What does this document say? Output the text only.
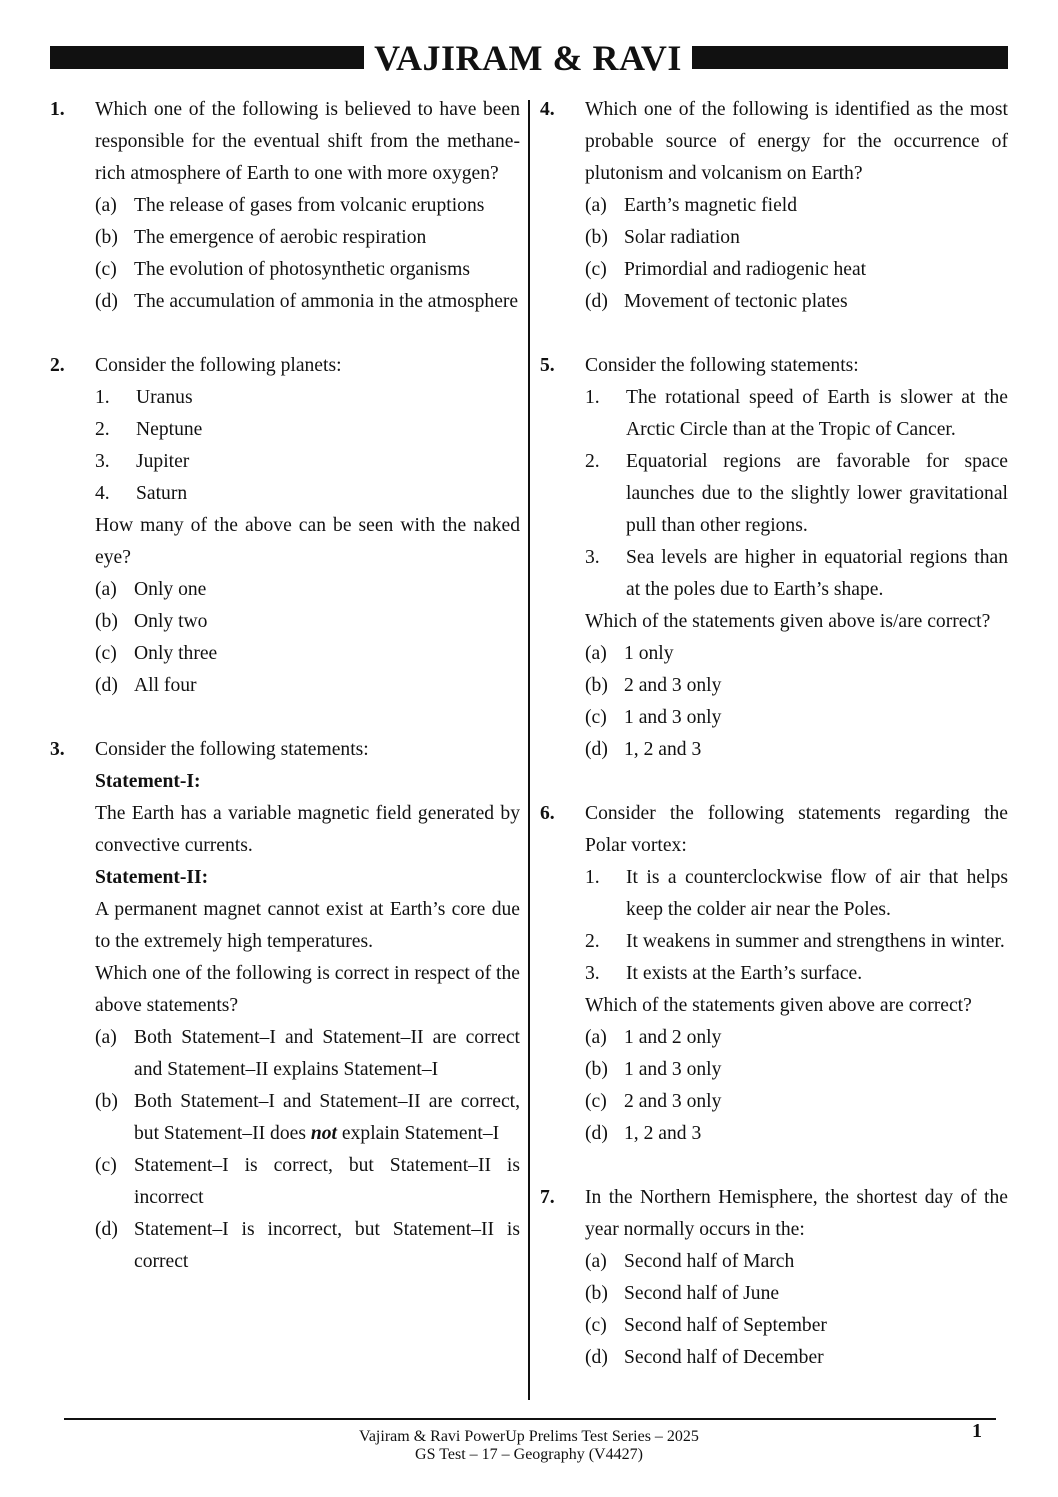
VAJIRAM & RAVI
1. Which one of the following is believed to have been responsible for the eventual shift from the methane-rich atmosphere of Earth to one with more oxygen?
(a) The release of gases from volcanic eruptions
(b) The emergence of aerobic respiration
(c) The evolution of photosynthetic organisms
(d) The accumulation of ammonia in the atmosphere
2. Consider the following planets:
1. Uranus
2. Neptune
3. Jupiter
4. Saturn
How many of the above can be seen with the naked eye?
(a) Only one
(b) Only two
(c) Only three
(d) All four
3. Consider the following statements:
Statement-I:
The Earth has a variable magnetic field generated by convective currents.
Statement-II:
A permanent magnet cannot exist at Earth’s core due to the extremely high temperatures.
Which one of the following is correct in respect of the above statements?
(a) Both Statement–I and Statement–II are correct and Statement–II explains Statement–I
(b) Both Statement–I and Statement–II are correct, but Statement–II does not explain Statement–I
(c) Statement–I is correct, but Statement–II is incorrect
(d) Statement–I is incorrect, but Statement–II is correct
4. Which one of the following is identified as the most probable source of energy for the occurrence of plutonism and volcanism on Earth?
(a) Earth’s magnetic field
(b) Solar radiation
(c) Primordial and radiogenic heat
(d) Movement of tectonic plates
5. Consider the following statements:
1. The rotational speed of Earth is slower at the Arctic Circle than at the Tropic of Cancer.
2. Equatorial regions are favorable for space launches due to the slightly lower gravitational pull than other regions.
3. Sea levels are higher in equatorial regions than at the poles due to Earth’s shape.
Which of the statements given above is/are correct?
(a) 1 only
(b) 2 and 3 only
(c) 1 and 3 only
(d) 1, 2 and 3
6. Consider the following statements regarding the Polar vortex:
1. It is a counterclockwise flow of air that helps keep the colder air near the Poles.
2. It weakens in summer and strengthens in winter.
3. It exists at the Earth’s surface.
Which of the statements given above are correct?
(a) 1 and 2 only
(b) 1 and 3 only
(c) 2 and 3 only
(d) 1, 2 and 3
7. In the Northern Hemisphere, the shortest day of the year normally occurs in the:
(a) Second half of March
(b) Second half of June
(c) Second half of September
(d) Second half of December
Vajiram & Ravi PowerUp Prelims Test Series – 2025
GS Test – 17 – Geography (V4427)
1
